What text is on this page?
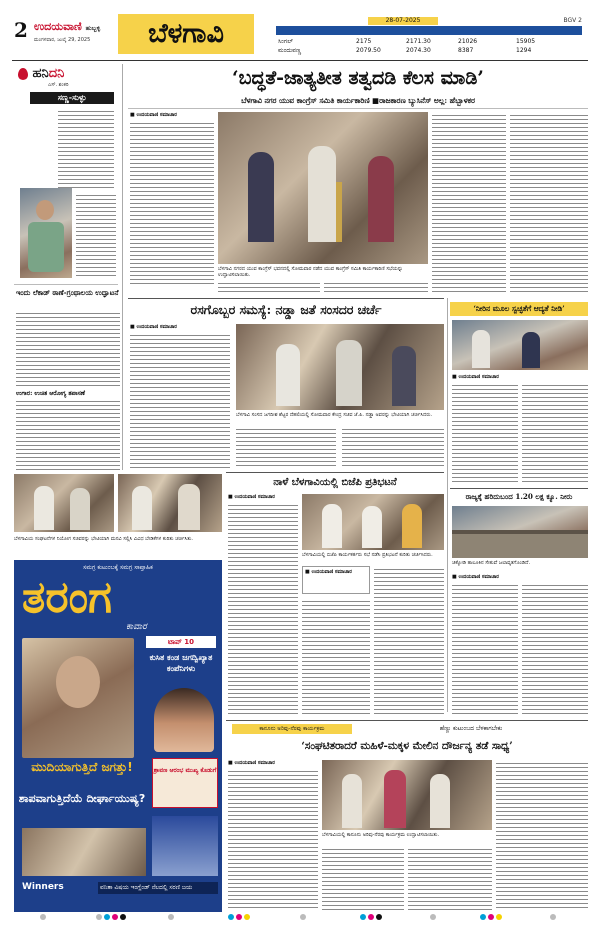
2 ಉದಯವಾಣಿ ಹುಬ್ಬಳ್ಳಿ
ಮಂಗಳವಾರ, ಜುಲೈ 29, 2025	ಬೆಳಗಾವಿ	28-07-2025	BGV 2
ಸಿಂಗಲ್	2175	2171.30	21026	15905
ಮಂದುವಣ್ಣ	2079.50	2074.30	8387	1294
ಹನಿದನಿ
ಎಸ್. ಶಂಕರಿ
ಸಣ್ಣ-ಸುಳ್ಳು
ಇಂದು ಲೆಕಾಡ್ ಠಾಣೆ-ಗ್ರಂಥಾಲಯ ಉದ್ಘಾಟನೆ
ಉಗಾರ: ಉಚಿತ ಆರೋಗ್ಯ ತಪಾಸಣೆ
‘ಬದ್ಧತೆ-ಜಾತ್ಯತೀತ ತತ್ವದಡಿ ಕೆಲಸ ಮಾಡಿ’
ಬೆಳಗಾವಿ ನಗರ ಯುವ ಕಾಂಗ್ರೆಸ್ ಸಮಿತಿ ಕಾರ್ಯಕಾರಿಣಿ ■ರಾಜಕಾರಣ ಬ್ಯುಸಿನೆಸ್ ಅಲ್ಲ: ಹೆಬ್ಬಾಳಕರ
■ ಉದಯವಾಣಿ ಸಮಾಚಾರ
ಬೆಳಗಾವಿ ನಗರದ ಯುವ ಕಾಂಗ್ರೆಸ್ ಭವನದಲ್ಲಿ ಸೋಮವಾರ ನಡೆದ ಯುವ ಕಾಂಗ್ರೆಸ್ ಸಮಿತಿ ಕಾರ್ಯಕಾರಿಣಿ ಸಭೆಯನ್ನು ಉದ್ಘಾಟಿಸಲಾಯಿತು.
ರಸಗೊಬ್ಬರ ಸಮಸ್ಯೆ: ನಡ್ಡಾ ಜತೆ ಸಂಸದರ ಚರ್ಚೆ
■ ಉದಯವಾಣಿ ಸಮಾಚಾರ
ಬೆಳಗಾವಿ ಸಂಸದ ಜಗದೀಶ ಶೆಟ್ಟರ ದೆಹಲಿಯಲ್ಲಿ ಸೋಮವಾರ ಕೇಂದ್ರ ಸಚಿವ ಜೆ.ಪಿ. ನಡ್ಡಾ ಅವರನ್ನು ಭೇಟಿಯಾಗಿ ಚರ್ಚಿಸಿದರು.
‘ನೀರಿನ ಮೂಲ ಸ್ವಚ್ಛತೆಗೆ ಆದ್ಯತೆ ನೀಡಿ’
■ ಉದಯವಾಣಿ ಸಮಾಚಾರ
ಬೆಳಗಾವಿಯ ಸಂಘಟನೆಗಳ ನಿಯೋಗ ಸಚಿವರನ್ನು ಭೇಟಿಯಾಗಿ ಮನವಿ ಸಲ್ಲಿಸಿ ವಿವಿಧ ಬೇಡಿಕೆಗಳ ಕುರಿತು ಚರ್ಚಿಸಿತು.
ನಾಳೆ ಬೆಳಗಾವಿಯಲ್ಲಿ ಬಿಜೆಪಿ ಪ್ರತಿಭಟನೆ
■ ಉದಯವಾಣಿ ಸಮಾಚಾರ
ಬೆಳಗಾವಿಯಲ್ಲಿ ಬಿಜೆಪಿ ಕಾರ್ಯಕರ್ತರು ಸಭೆ ನಡೆಸಿ ಪ್ರತಿಭಟನೆ ಕುರಿತು ಚರ್ಚಿಸಿದರು.
■ ಉದಯವಾಣಿ ಸಮಾಚಾರ
ರಾಜ್ಯಕ್ಕೆ ಹರಿದುಬಂದ 1.20 ಲಕ್ಷ ಕ್ಯೂ. ನೀರು
ಚಿಕ್ಕೋಡಿ ತಾಲೂಕಿನ ಸೇತುವೆ ಜಲಾವೃತಗೊಂಡಿದೆ.
■ ಉದಯವಾಣಿ ಸಮಾಚಾರ
ಸಮಗ್ರ ಕುಟುಂಬಕ್ಕೆ ಸಮಗ್ರ ಸಾಪ್ತಾಹಿಕ
ತರಂಗ
ಕಾವಾರ
ಟಾಪ್ 10
ಕುಸಿತ ಕಂಡ ಜಗದ್ವಿಖ್ಯಾತ ಕಂಪೆನಿಗಳು
ಮುದಿಯಾಗುತ್ತಿದೆ ಜಗತ್ತು!
ಶಾಪವಾಗುತ್ತಿದೆಯೆ ದೀರ್ಘಾಯುಷ್ಯ?
ಶ್ರಾವಣ ಆರಂಭ ಮುಖ್ಯ ಕೊಡುಗೆ
Winners	ವನಿತಾ ವಿಷಯ ಇಂಗ್ಲೆಂಡ್ ನೆಲದಲ್ಲಿ ಸರಣಿ ಜಯ
ಕಾನೂನು ಅರಿವು-ನೆರವು ಕಾರ್ಯಕ್ರಮ	ಹೆಣ್ಣು ಕುಟುಂಬದ ಬೆಳಕಾಗಬೇಕು
‘ಸಂಘಟಿತರಾದರೆ ಮಹಿಳೆ-ಮಕ್ಕಳ ಮೇಲಿನ ದೌರ್ಜನ್ಯ ತಡೆ ಸಾಧ್ಯ’
■ ಉದಯವಾಣಿ ಸಮಾಚಾರ
ಬೆಳಗಾವಿಯಲ್ಲಿ ಕಾನೂನು ಅರಿವು-ನೆರವು ಕಾರ್ಯಕ್ರಮ ಉದ್ಘಾಟಿಸಲಾಯಿತು.
